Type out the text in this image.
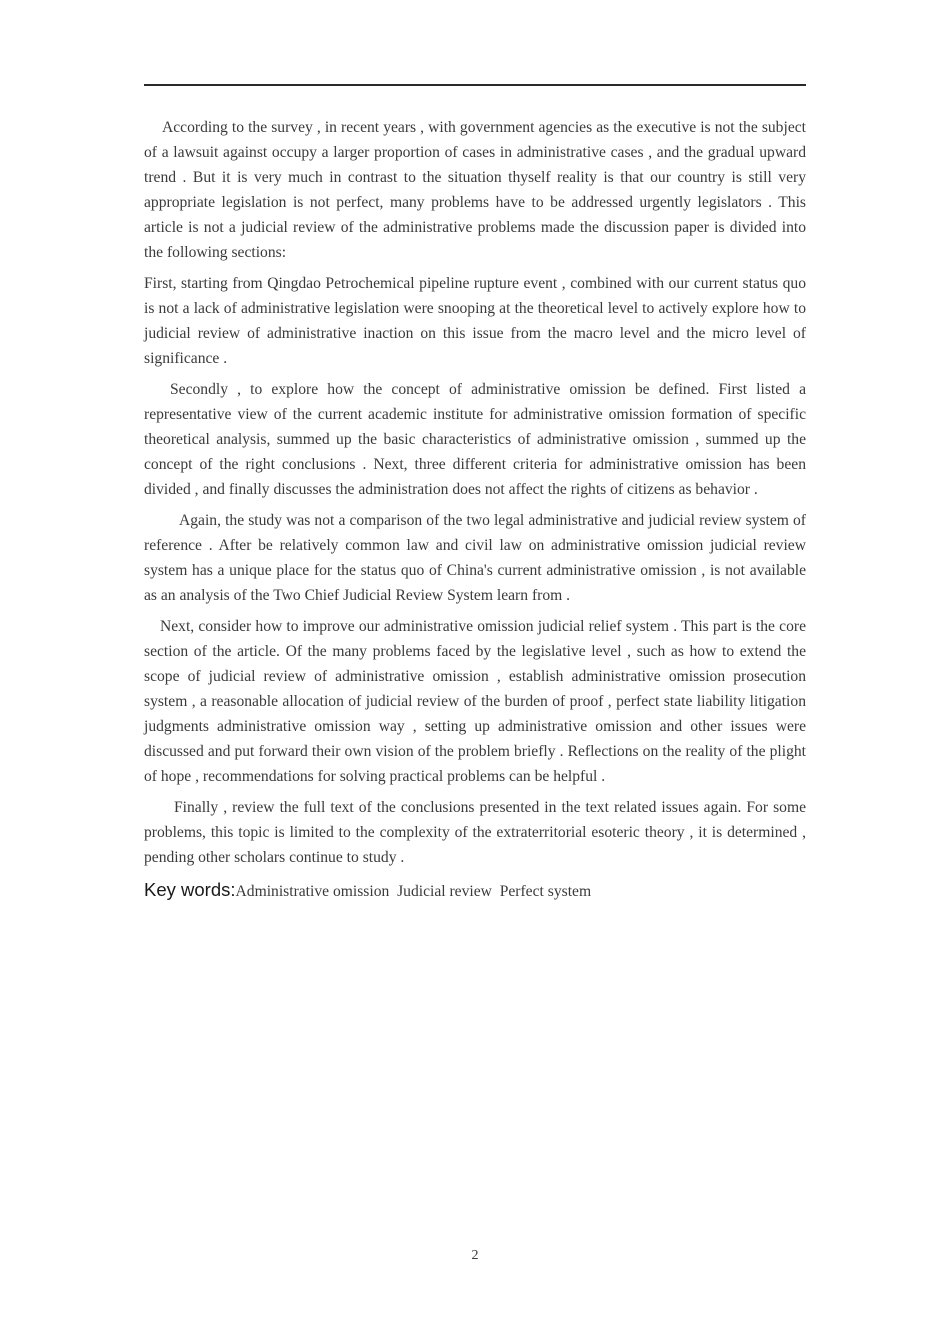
According to the survey , in recent years , with government agencies as the executive is not the subject of a lawsuit against occupy a larger proportion of cases in administrative cases , and the gradual upward trend . But it is very much in contrast to the situation thyself reality is that our country is still very appropriate legislation is not perfect, many problems have to be addressed urgently legislators . This article is not a judicial review of the administrative problems made the discussion paper is divided into the following sections:

First, starting from Qingdao Petrochemical pipeline rupture event , combined with our current status quo is not a lack of administrative legislation were snooping at the theoretical level to actively explore how to judicial review of administrative inaction on this issue from the macro level and the micro level of significance .

Secondly , to explore how the concept of administrative omission be defined. First listed a representative view of the current academic institute for administrative omission formation of specific theoretical analysis, summed up the basic characteristics of administrative omission , summed up the concept of the right conclusions . Next, three different criteria for administrative omission has been divided , and finally discusses the administration does not affect the rights of citizens as behavior .

Again, the study was not a comparison of the two legal administrative and judicial review system of reference . After be relatively common law and civil law on administrative omission judicial review system has a unique place for the status quo of China's current administrative omission , is not available as an analysis of the Two Chief Judicial Review System learn from .

Next, consider how to improve our administrative omission judicial relief system . This part is the core section of the article. Of the many problems faced by the legislative level , such as how to extend the scope of judicial review of administrative omission , establish administrative omission prosecution system , a reasonable allocation of judicial review of the burden of proof , perfect state liability litigation judgments administrative omission way , setting up administrative omission and other issues were discussed and put forward their own vision of the problem briefly . Reflections on the reality of the plight of hope , recommendations for solving practical problems can be helpful .

Finally , review the full text of the conclusions presented in the text related issues again. For some problems, this topic is limited to the complexity of the extraterritorial esoteric theory , it is determined , pending other scholars continue to study .

Key words:Administrative omission  Judicial review  Perfect system
2
